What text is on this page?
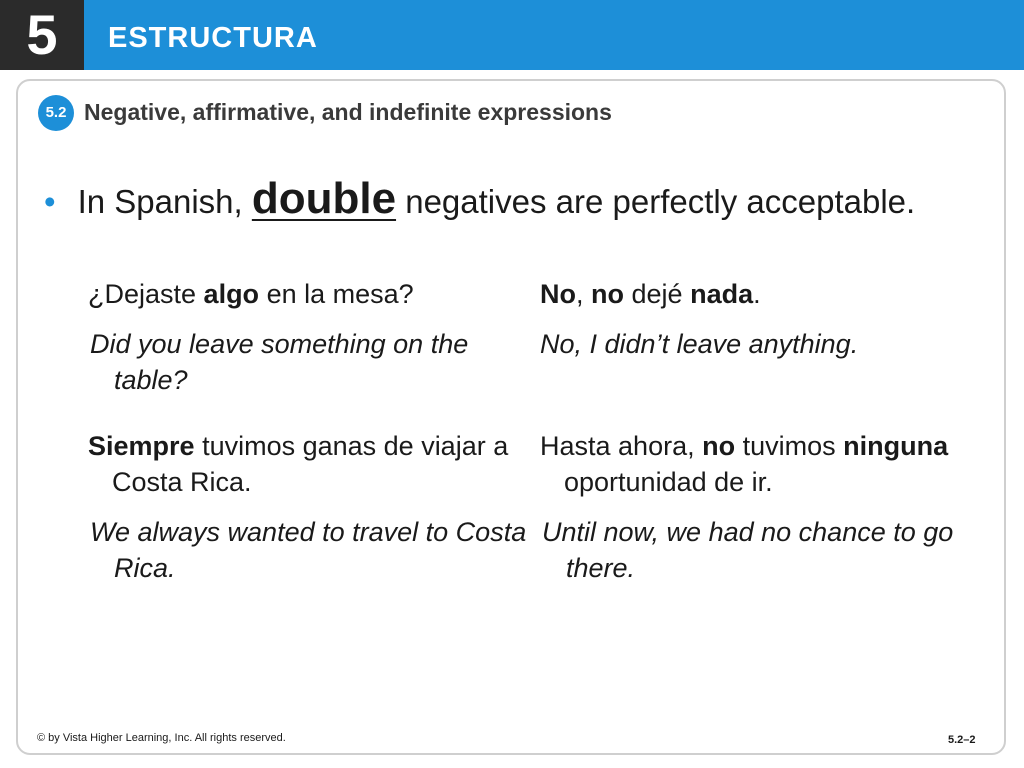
5	ESTRUCTURA
5.2 Negative, affirmative, and indefinite expressions
• In Spanish, double negatives are perfectly acceptable.
¿Dejaste algo en la mesa?
Did you leave something on the table?
No, no dejé nada.
No, I didn’t leave anything.
Siempre tuvimos ganas de viajar a Costa Rica.
We always wanted to travel to Costa Rica.
Hasta ahora, no tuvimos ninguna oportunidad de ir.
Until now, we had no chance to go there.
© by Vista Higher Learning, Inc. All rights reserved.	5.2–2
